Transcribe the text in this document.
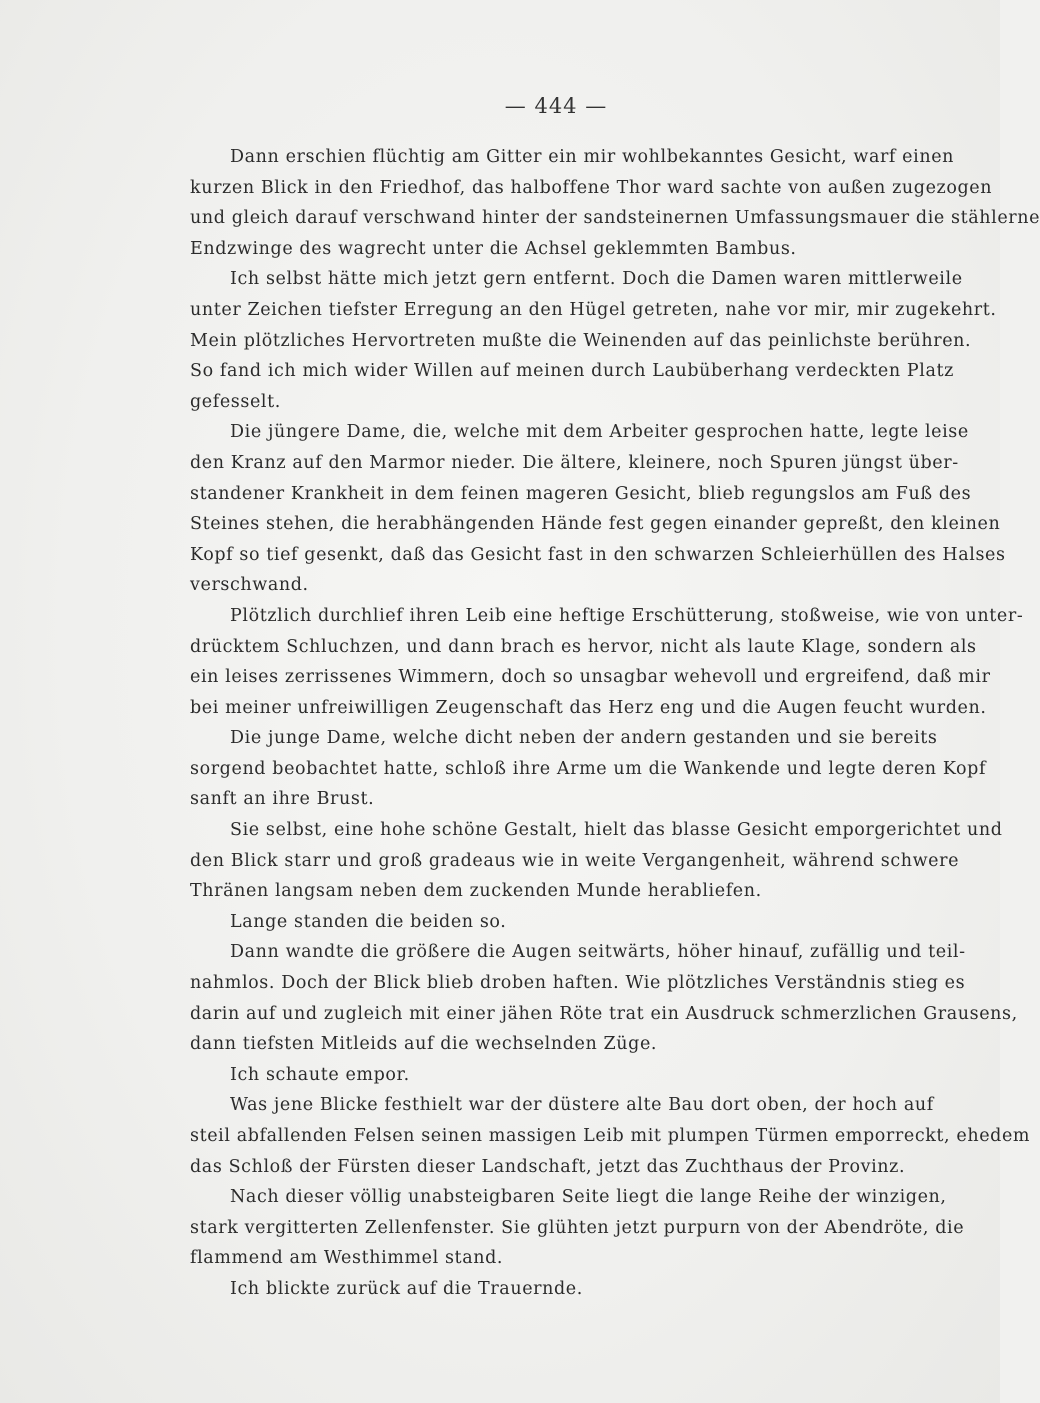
— 444 —
Dann erschien flüchtig am Gitter ein mir wohlbekanntes Gesicht, warf einen
kurzen Blick in den Friedhof, das halboffene Thor ward sachte von außen zugezogen
und gleich darauf verschwand hinter der sandsteinernen Umfassungsmauer die stählerne
Endzwinge des wagrecht unter die Achsel geklemmten Bambus.
Ich selbst hätte mich jetzt gern entfernt. Doch die Damen waren mittlerweile
unter Zeichen tiefster Erregung an den Hügel getreten, nahe vor mir, mir zugekehrt.
Mein plötzliches Hervortreten mußte die Weinenden auf das peinlichste berühren.
So fand ich mich wider Willen auf meinen durch Laubüberhang verdeckten Platz
gefesselt.
Die jüngere Dame, die, welche mit dem Arbeiter gesprochen hatte, legte leise
den Kranz auf den Marmor nieder. Die ältere, kleinere, noch Spuren jüngst über-
standener Krankheit in dem feinen mageren Gesicht, blieb regungslos am Fuß des
Steines stehen, die herabhängenden Hände fest gegen einander gepreßt, den kleinen
Kopf so tief gesenkt, daß das Gesicht fast in den schwarzen Schleierhüllen des Halses
verschwand.
Plötzlich durchlief ihren Leib eine heftige Erschütterung, stoßweise, wie von unter-
drücktem Schluchzen, und dann brach es hervor, nicht als laute Klage, sondern als
ein leises zerrissenes Wimmern, doch so unsagbar wehevoll und ergreifend, daß mir
bei meiner unfreiwilligen Zeugenschaft das Herz eng und die Augen feucht wurden.
Die junge Dame, welche dicht neben der andern gestanden und sie bereits
sorgend beobachtet hatte, schloß ihre Arme um die Wankende und legte deren Kopf
sanft an ihre Brust.
Sie selbst, eine hohe schöne Gestalt, hielt das blasse Gesicht emporgerichtet und
den Blick starr und groß gradeaus wie in weite Vergangenheit, während schwere
Thränen langsam neben dem zuckenden Munde herabliefen.
Lange standen die beiden so.
Dann wandte die größere die Augen seitwärts, höher hinauf, zufällig und teil-
nahmlos. Doch der Blick blieb droben haften. Wie plötzliches Verständnis stieg es
darin auf und zugleich mit einer jähen Röte trat ein Ausdruck schmerzlichen Grausens,
dann tiefsten Mitleids auf die wechselnden Züge.
Ich schaute empor.
Was jene Blicke festhielt war der düstere alte Bau dort oben, der hoch auf
steil abfallenden Felsen seinen massigen Leib mit plumpen Türmen emporreckt, ehedem
das Schloß der Fürsten dieser Landschaft, jetzt das Zuchthaus der Provinz.
Nach dieser völlig unabsteigbaren Seite liegt die lange Reihe der winzigen,
stark vergitterten Zellenfenster. Sie glühten jetzt purpurn von der Abendröte, die
flammend am Westhimmel stand.
Ich blickte zurück auf die Trauernde.
